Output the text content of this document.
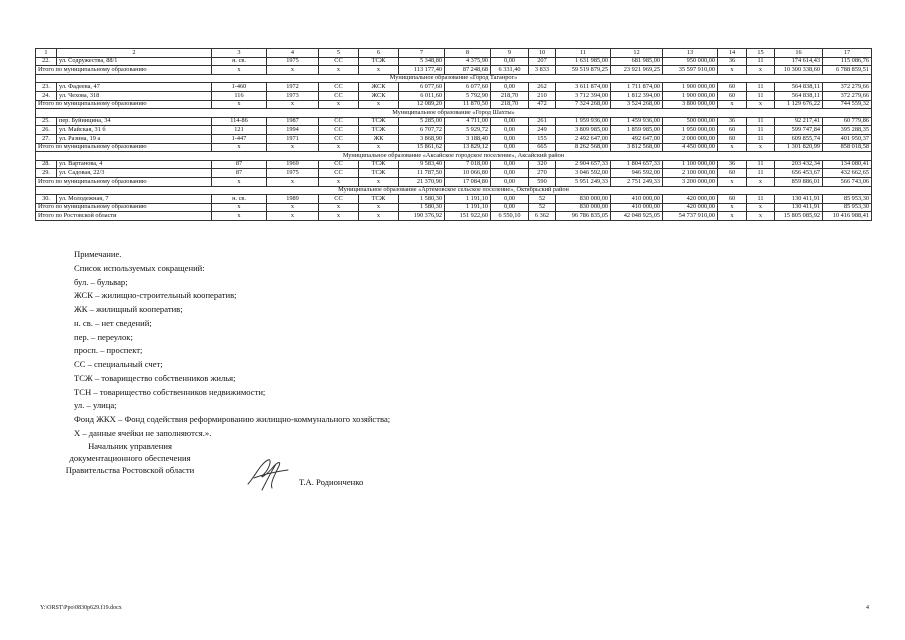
1	2	3	4	5	6	7	8	9	10	11	12	13	14	15	16	17
22.	ул. Содружества, 88/1	н. св.	1975	СС	ТСЖ	5 348,80	4 375,90	0,00	207	1 631 985,00	681 985,00	950 000,00	36	11	174 614,43	115 086,76
Итого по муниципальному образованию		х	х	х	х	113 177,40	87 248,68	6 331,40	3 833	59 519 879,25	23 921 969,25	35 597 910,00	х	х	10 300 338,60	6 788 859,51
Муниципальное образование «Город Таганрог»																
23.	ул. Фадеева, 47	1-460	1972	СС	ЖСК	6 077,60	6 077,60	0,00	262	3 611 874,00	1 711 874,00	1 900 000,00	60	11	564 838,11	372 279,66
24.	ул. Чехова, 318	116	1973	СС	ЖСК	6 011,60	5 792,90	218,70	210	3 712 394,00	1 812 394,00	1 900 000,00	60	11	564 838,11	372 279,66
Итого по муниципальному образованию		х	х	х	х	12 089,20	11 870,50	218,70	472	7 324 268,00	3 524 268,00	3 800 000,00	х	х	1 129 676,22	744 559,32
Муниципальное образование «Город Шахты»																
25.	пер. Буйницина, 34	114-86	1987	СС	ТСЖ	5 285,00	4 711,00	0,00	261	1 959 936,00	1 459 936,00	500 000,00	36	11	92 217,41	60 779,86
26.	ул. Майская, 31 б	121	1994	СС	ТСЖ	6 707,72	5 929,72	0,00	249	3 809 985,00	1 859 985,00	1 950 000,00	60	11	599 747,84	395 288,35
27.	ул. Разина, 19 а	1-447	1971	СС	ЖК	3 868,90	3 188,40	0,00	155	2 492 647,00	492 647,00	2 000 000,00	60	11	609 855,74	401 950,37
Итого по муниципальному образованию		х	х	х	х	15 861,62	13 829,12	0,00	665	8 262 568,00	3 812 568,00	4 450 000,00	х	х	1 301 820,99	858 018,58
Муниципальное образование «Аксайское городское поселение», Аксайский район																
28.	ул. Вартанова, 4	87	1969	СС	ТСЖ	9 583,40	7 018,00	0,00	320	2 904 657,33	1 804 657,33	1 100 000,00	36	11	203 432,34	134 080,41
29.	ул. Садовая, 22/3	87	1975	СС	ТСЖ	11 787,50	10 066,80	0,00	270	3 046 592,00	946 592,00	2 100 000,00	60	11	656 453,67	432 662,65
Итого по муниципальному образованию		х	х	х	х	21 370,90	17 084,80	0,00	590	5 951 249,33	2 751 249,33	3 200 000,00	х	х	859 886,01	566 743,06
Муниципальное образование «Артемовское сельское поселение», Октябрьский район																
30.	ул. Молодежная, 7	н. св.	1989	СС	ТСЖ	1 580,30	1 191,10	0,00	52	830 000,00	410 000,00	420 000,00	60	11	130 411,91	85 953,30
Итого по муниципальному образованию		х	х	х	х	1 580,30	1 191,10	0,00	52	830 000,00	410 000,00	420 000,00	х	х	130 411,91	85 953,30
Итого по Ростовской области		х	х	х	х	190 376,92	151 922,60	6 550,10	6 362	96 786 835,05	42 048 925,05	54 737 910,00	х	х	15 805 085,92	10 416 988,41
Примечание.
Список используемых сокращений:
бул. – бульвар;
ЖСК – жилищно-строительный кооператив;
ЖК – жилищный кооператив;
н. св. – нет сведений;
пер. – переулок;
просп. – проспект;
СС – специальный счет;
ТСЖ – товарищество собственников жилья;
ТСН – товарищество собственников недвижимости;
ул. – улица;
Фонд ЖКХ – Фонд содействия реформированию жилищно-коммунального хозяйства;
Х – данные ячейки не заполняются.».
Начальник управления
документационного обеспечения
Правительства Ростовской области
Т.А. Родионченко
Y:\ORST\Ppo\0830p629.f19.docx	4
